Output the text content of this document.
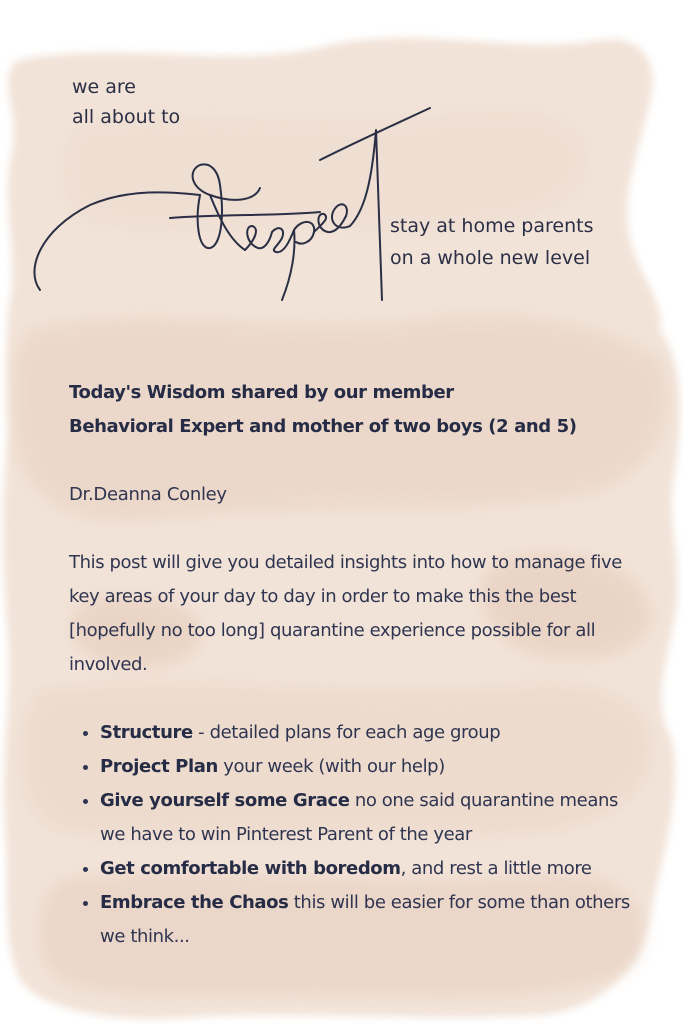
we are
all about to
stay at home parents
on a whole new level
Today's Wisdom shared by our member
Behavioral Expert and mother of two boys (2 and 5)
Dr.Deanna Conley
This post will give you detailed insights into how to manage five key areas of your day to day in order to make this the best [hopefully no too long] quarantine experience possible for all involved.
• Structure - detailed plans for each age group
• Project Plan your week (with our help)
• Give yourself some Grace no one said quarantine means we have to win Pinterest Parent of the year
• Get comfortable with boredom, and rest a little more
• Embrace the Chaos this will be easier for some than others we think...
